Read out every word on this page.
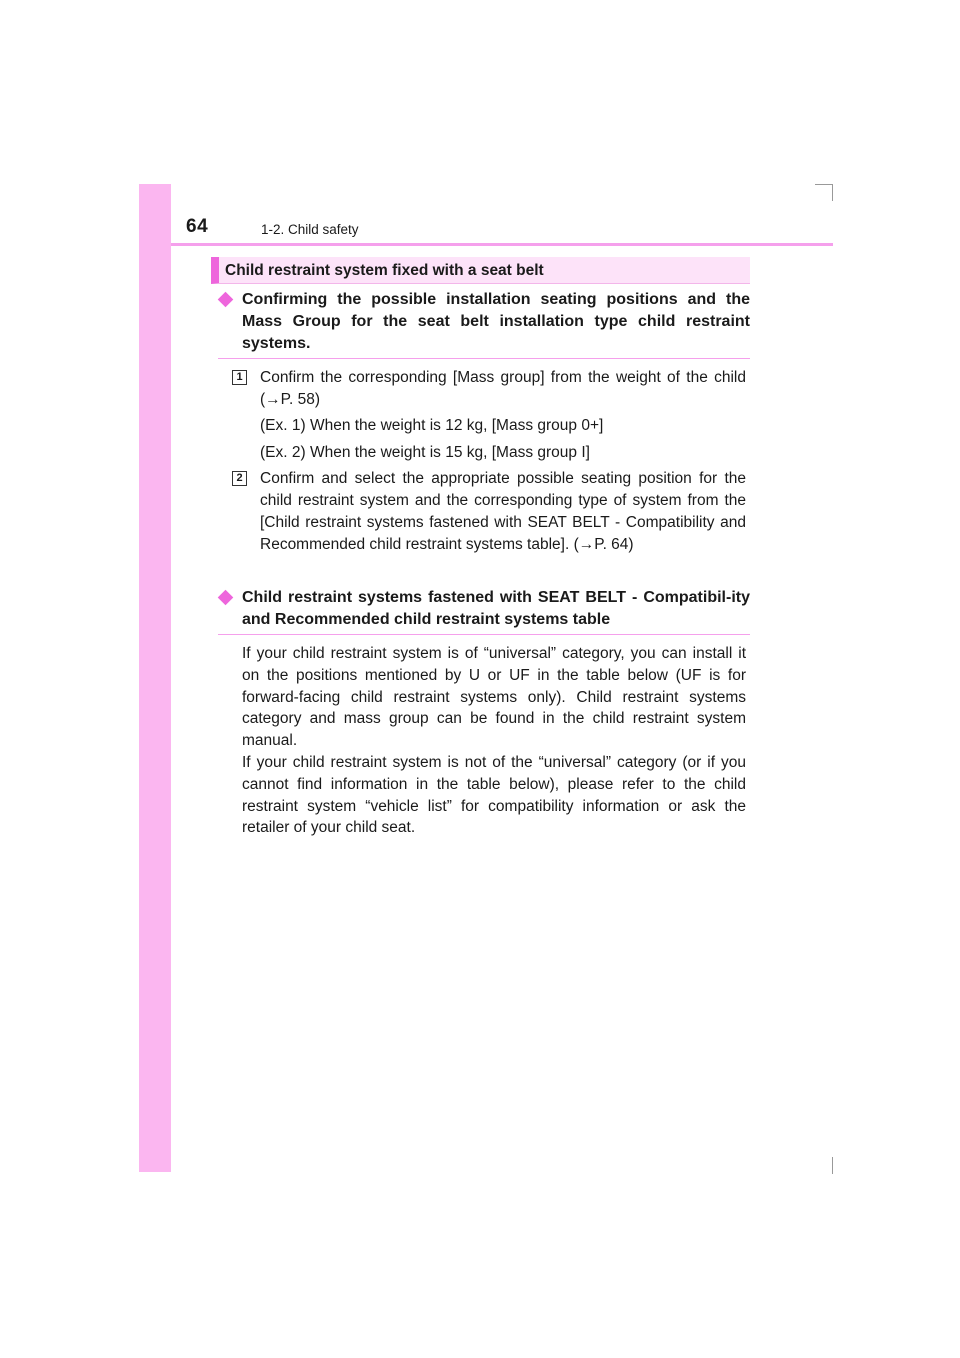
64	1-2. Child safety
Child restraint system fixed with a seat belt
Confirming the possible installation seating positions and the Mass Group for the seat belt installation type child restraint systems.
1 Confirm the corresponding [Mass group] from the weight of the child (→P. 58)
(Ex. 1) When the weight is 12 kg, [Mass group 0+]
(Ex. 2) When the weight is 15 kg, [Mass group I]
2 Confirm and select the appropriate possible seating position for the child restraint system and the corresponding type of system from the [Child restraint systems fastened with SEAT BELT - Compatibility and Recommended child restraint systems table]. (→P. 64)
Child restraint systems fastened with SEAT BELT - Compatibil-ity and Recommended child restraint systems table
If your child restraint system is of “universal” category, you can install it on the positions mentioned by U or UF in the table below (UF is for forward-facing child restraint systems only). Child restraint systems category and mass group can be found in the child restraint system manual.
If your child restraint system is not of the “universal” category (or if you cannot find information in the table below), please refer to the child restraint system “vehicle list” for compatibility information or ask the retailer of your child seat.
